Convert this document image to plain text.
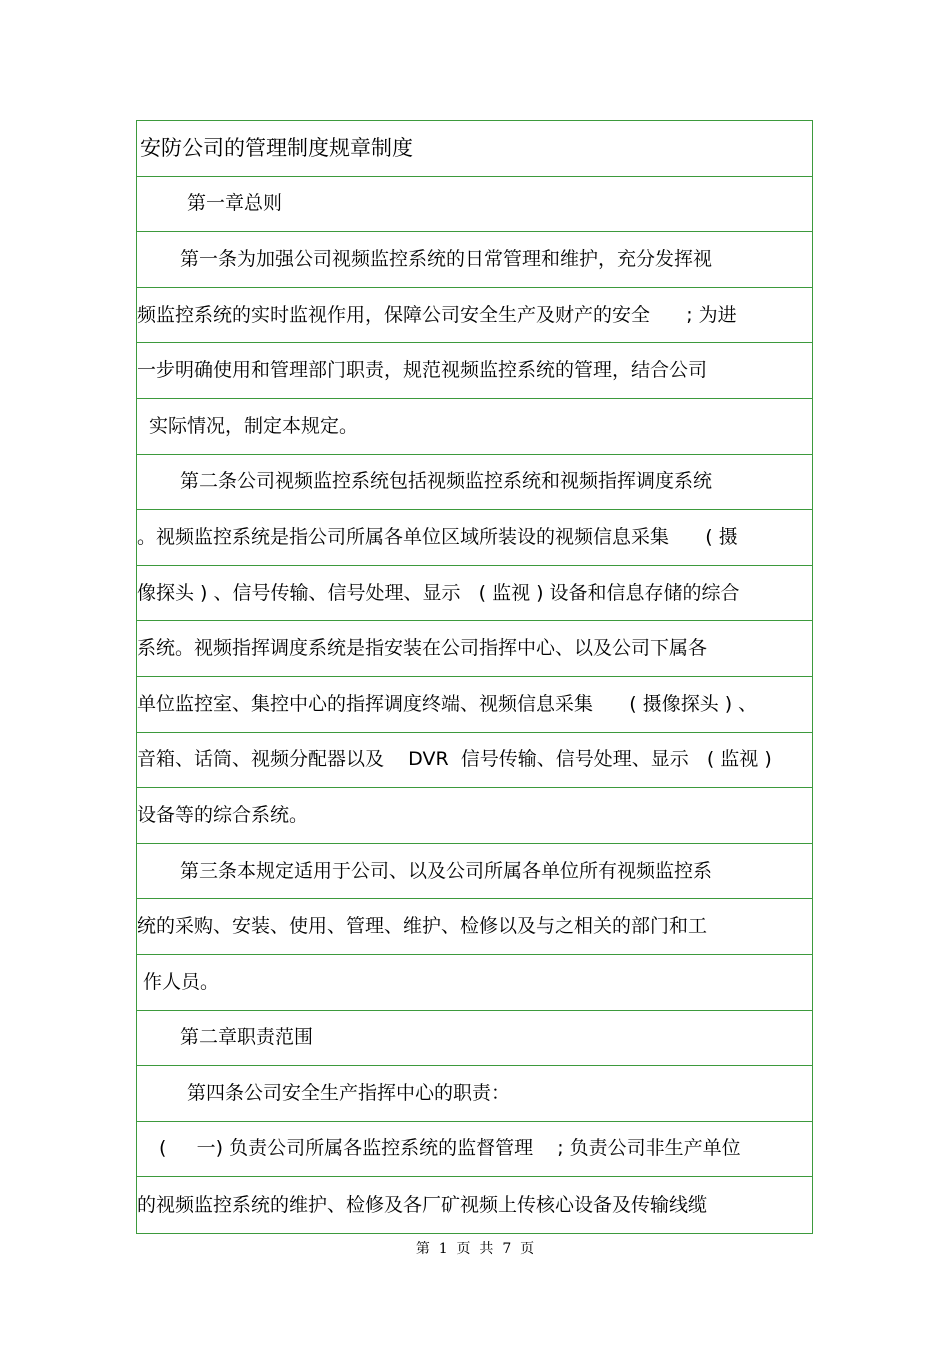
安防公司的管理制度规章制度
第一章总则
第一条为加强公司视频监控系统的日常管理和维护，充分发挥视
频监控系统的实时监视作用，保障公司安全生产及财产的安全      ; 为进
一步明确使用和管理部门职责，规范视频监控系统的管理，结合公司
实际情况，制定本规定。
第二条公司视频监控系统包括视频监控系统和视频指挥调度系统
。视频监控系统是指公司所属各单位区域所装设的视频信息采集      ( 摄
像探头 ) 、信号传输、信号处理、显示   ( 监视 ) 设备和信息存储的综合
系统。视频指挥调度系统是指安装在公司指挥中心、以及公司下属各
单位监控室、集控中心的指挥调度终端、视频信息采集      ( 摄像探头 ) 、
音箱、话筒、视频分配器以及    DVR  信号传输、信号处理、显示   ( 监视 )
设备等的综合系统。
第三条本规定适用于公司、以及公司所属各单位所有视频监控系
统的采购、安装、使用、管理、维护、检修以及与之相关的部门和工
作人员。
第二章职责范围
第四条公司安全生产指挥中心的职责：
(     一) 负责公司所属各监控系统的监督管理    ; 负责公司非生产单位
的视频监控系统的维护、检修及各厂矿视频上传核心设备及传输线缆
第  1  页  共  7  页
